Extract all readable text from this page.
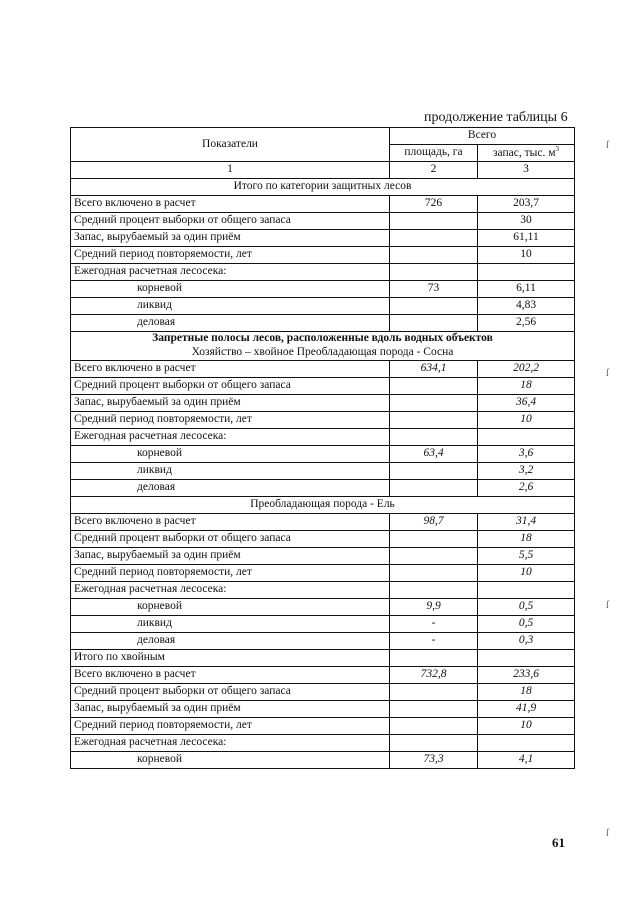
продолжение таблицы 6
Показатели	Всего	
	площадь, га	запас, тыс. $м^3$
1	2	3
Итого по категории защитных лесов		
Всего включено в расчет	726	203,7
Средний процент выборки от общего запаса		30
Запас, вырубаемый за один приём		61,11
Средний период повторяемости, лет		10
Ежегодная расчетная лесосека:		
корневой	73	6,11
ликвид		4,83
деловая		2,56

Запретные полосы лесов, расположенные вдоль водных объектов
Хозяйство – хвойное Преобладающая порода - Сосна		
Всего включено в расчет	634,1	202,2
Средний процент выборки от общего запаса		18
Запас, вырубаемый за один приём		36,4
Средний период повторяемости, лет		10
Ежегодная расчетная лесосека:		
корневой	63,4	3,6
ликвид		3,2
деловая		2,6
Преобладающая порода - Ель		
Всего включено в расчет	98,7	31,4
Средний процент выборки от общего запаса		18
Запас, вырубаемый за один приём		5,5
Средний период повторяемости, лет		10
Ежегодная расчетная лесосека:		
корневой	9,9	0,5
ликвид	-	0,5
деловая	-	0,3
Итого по хвойным		
Всего включено в расчет	732,8	233,6
Средний процент выборки от общего запаса		18
Запас, вырубаемый за один приём		41,9
Средний период повторяемости, лет		10
Ежегодная расчетная лесосека:		
корневой	73,3	4,1
ſ
ſ
ſ
ſ
61
